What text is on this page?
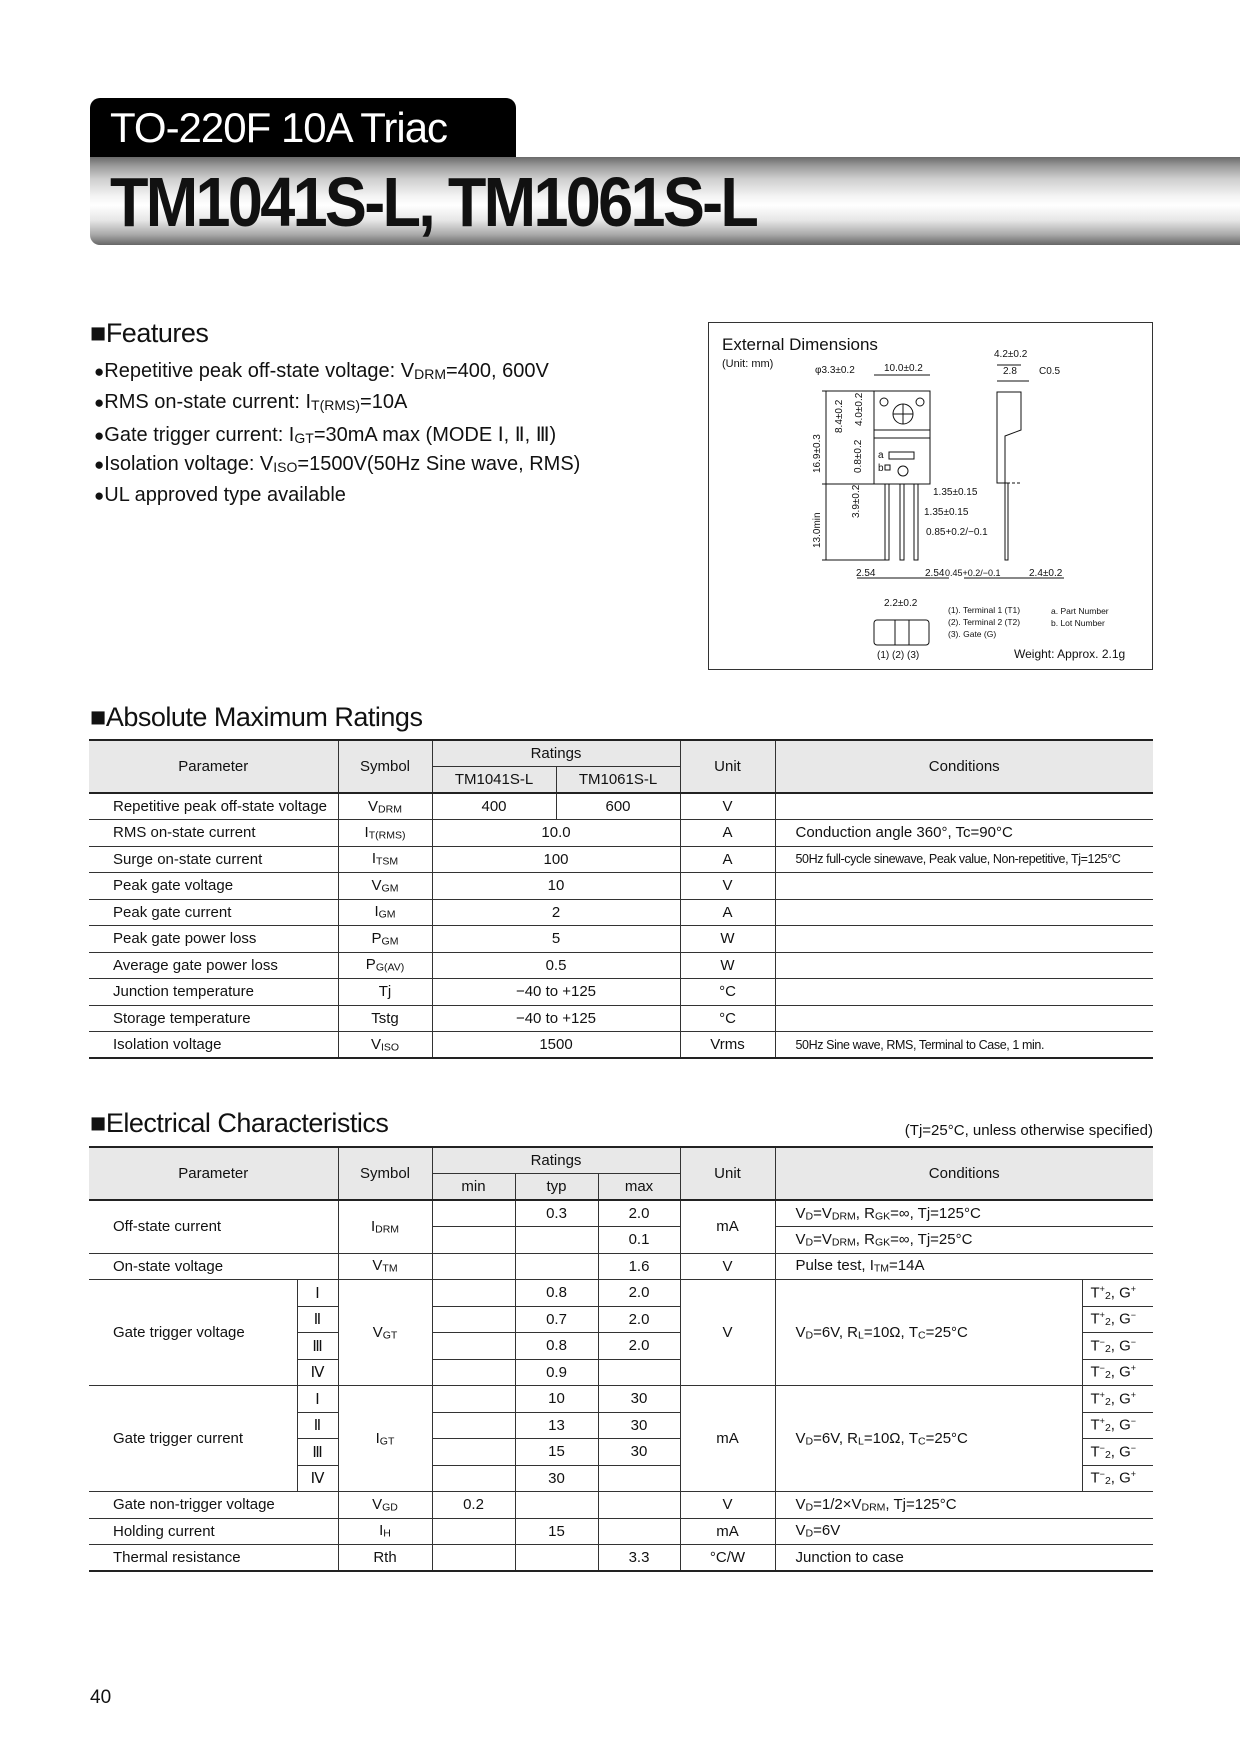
TO-220F 10A Triac
TM1041S-L, TM1061S-L
■ Features
● Repetitive peak off-state voltage: $V_{DRM}=400$, 600V
● RMS on-state current: $I_{T(RMS)}=10A$
● Gate trigger current: $I_{GT}=30mA$ max (MODE Ⅰ, Ⅱ, Ⅲ)
● Isolation voltage: $V_{ISO}=1500V(50Hz$ Sine wave, RMS)
● UL approved type available
External Dimensions
(Unit: mm)
φ3.3±0.2	10.0±0.2
4.2±0.2
2.8 C0.5
16.9±0.3
8.4±0.2 4.0±0.2
0.8±0.2
3.9±0.2
13.0min
1.35±0.15
1.35±0.15
0.85+0.2/−0.1
2.54	2.54 0.45+0.2/−0.1	2.4±0.2
2.2±0.2
a
b
(1) (2) (3)
(1). Terminal 1 (T1)
(2). Terminal 2 (T2)
(3). Gate (G)
a. Part Number
b. Lot Number
Weight: Approx. 2.1g
■ Absolute Maximum Ratings
Parameter	Symbol	Ratings		Unit	Conditions
		TM1041S-L	TM1061S-L		
Repetitive peak off-state voltage	$V_{DRM}$	400	600	V	
RMS on-state current	$I_{T(RMS)}$	10.0		A	Conduction angle 360°, Tc=90°C
Surge on-state current	$I_{TSM}$	100		A	50Hz full-cycle sinewave, Peak value, Non-repetitive, Tj=125°C
Peak gate voltage	$V_{GM}$	10		V	
Peak gate current	$I_{GM}$	2		A	
Peak gate power loss	$P_{GM}$	5		W	
Average gate power loss	$P_{G(AV)}$	0.5		W	
Junction temperature	Tj	−40 to +125		°C	
Storage temperature	Tstg	−40 to +125		°C	
Isolation voltage	$V_{ISO}$	1500		Vrms	50Hz Sine wave, RMS, Terminal to Case, 1 min.
■ Electrical Characteristics	(Tj=25°C, unless otherwise specified)
Parameter		Symbol	Ratings			Unit	Conditions	
			min	typ	max			
Off-state current		$I_{DRM}$		0.3	2.0	mA	$V_D=V_{DRM}$, $R_{GK}=\infty$, Tj=125°C	
					0.1		$V_D=V_{DRM}$, $R_{GK}=\infty$, Tj=25°C	
On-state voltage		$V_{TM}$			1.6	V	Pulse test, $I_{TM}=14A$	
Gate trigger voltage	Ⅰ	$V_{GT}$		0.8	2.0	V	$V_D=6V$, $R_L=10\Omega$, $T_C=25^\circ C$	$T^+_2$, G+
	Ⅱ			0.7	2.0			$T^+_2$, G−
	Ⅲ			0.8	2.0			$T^-_2$, G−
	Ⅳ			0.9				$T^-_2$, G+
Gate trigger current	Ⅰ	$I_{GT}$		10	30	mA	$V_D=6V$, $R_L=10\Omega$, $T_C=25^\circ C$	$T^+_2$, G+
	Ⅱ			13	30			$T^+_2$, G−
	Ⅲ			15	30			$T^-_2$, G−
	Ⅳ			30				$T^-_2$, G+
Gate non-trigger voltage		$V_{GD}$	0.2			V	$V_D=1/2\times V_{DRM}$, Tj=125°C	
Holding current		$I_H$		15		mA	$V_D=6V$	
Thermal resistance		Rth			3.3	°C/W	Junction to case	
40
